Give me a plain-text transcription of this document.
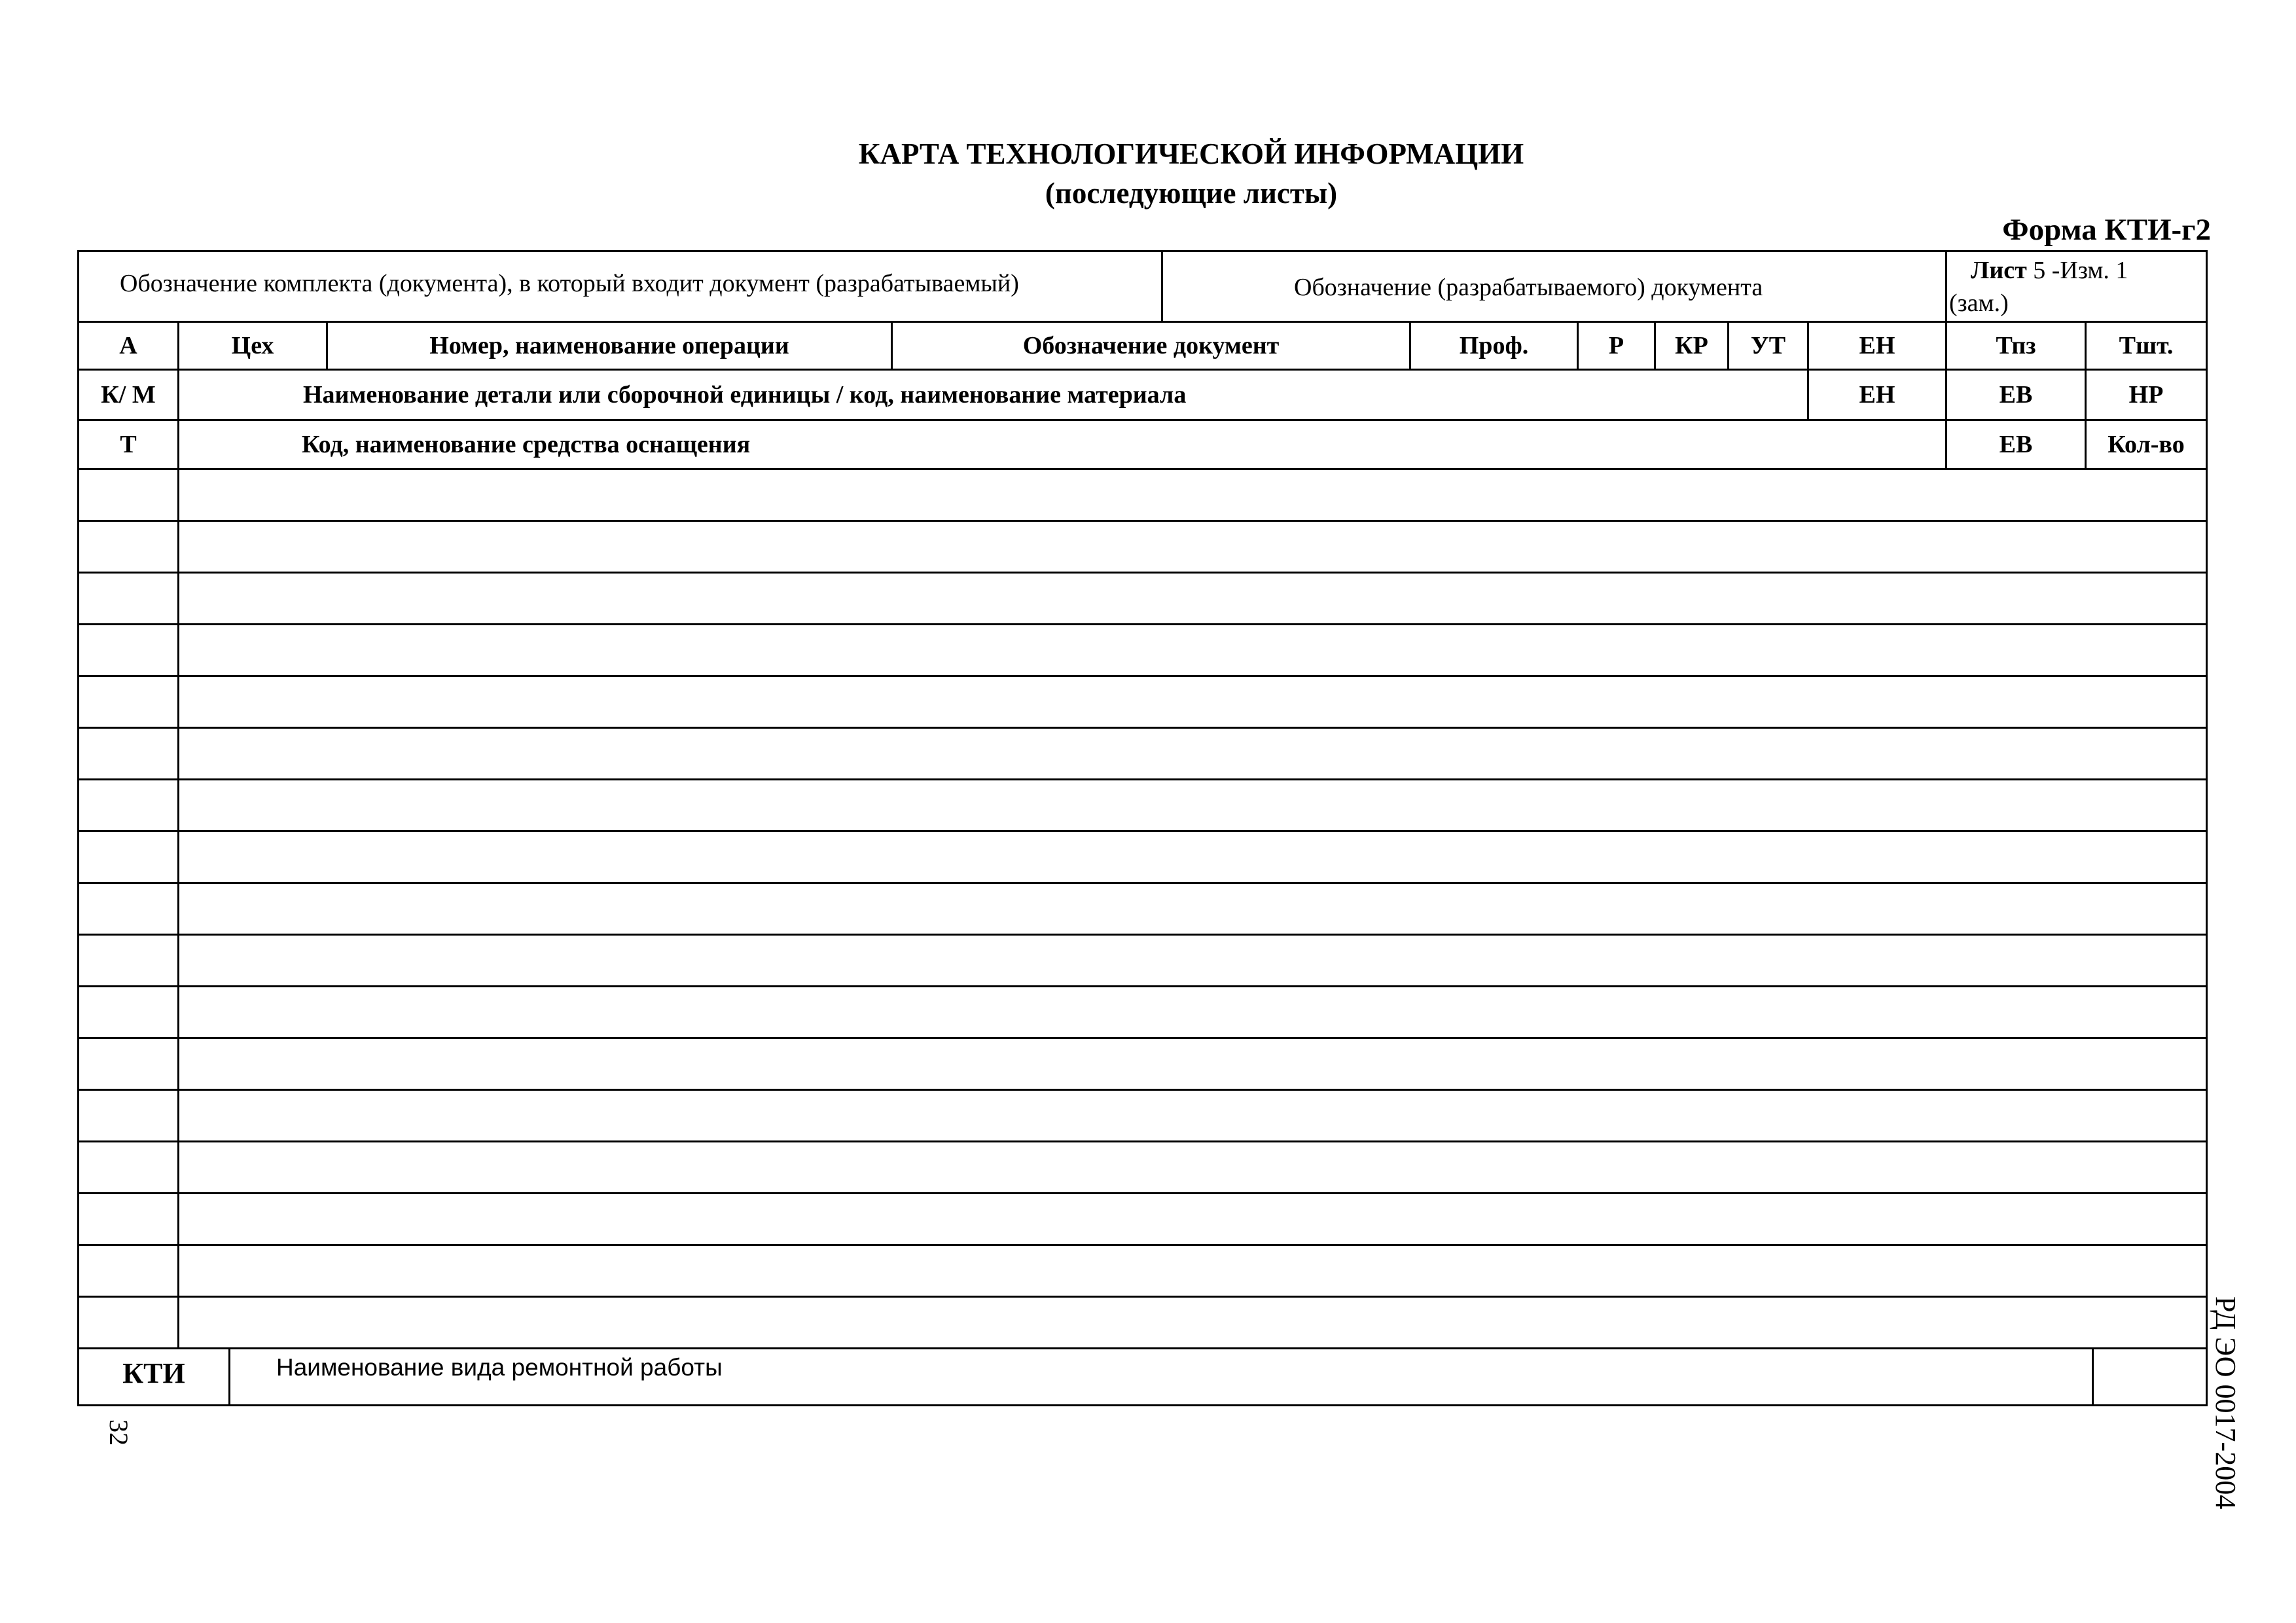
КАРТА ТЕХНОЛОГИЧЕСКОЙ ИНФОРМАЦИИ
(последующие листы)
Форма КТИ-г2
Обозначение комплекта (документа), в который входит документ (разрабатываемый)	Обозначение (разрабатываемого) документа
Лист 5 -Изм. 1
(зам.)
А	Цех	Номер, наименование операции	Обозначение документ	Проф.	Р	КР	УТ	ЕН	Тпз	Тшт.
К/ М	Наименование детали или сборочной единицы / код, наименование материала	ЕН	ЕВ	НР
Т	Код, наименование средства оснащения	ЕВ	Кол-во
КТИ	Наименование вида ремонтной работы
32	РД ЭО 0017-2004
